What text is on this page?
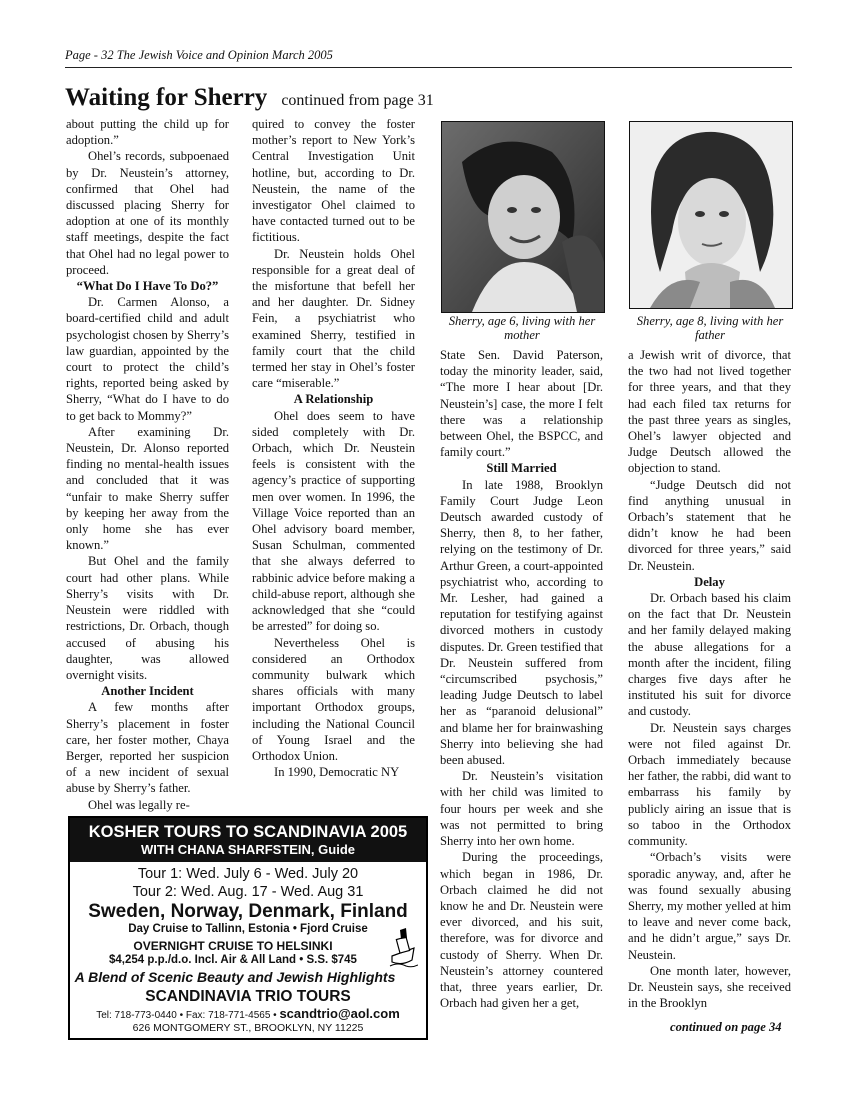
Page - 32 The Jewish Voice and Opinion March 2005
Waiting for Sherry continued from page 31

about putting the child up for adoption.”

Ohel’s records, subpoenaed by Dr. Neustein’s attorney, confirmed that Ohel had discussed placing Sherry for adoption at one of its monthly staff meetings, despite the fact that Ohel had no legal power to proceed.

“What Do I Have To Do?”

Dr. Carmen Alonso, a board-certified child and adult psychologist chosen by Sherry’s law guardian, appointed by the court to protect the child’s rights, reported being asked by Sherry, “What do I have to do to get back to Mommy?”

After examining Dr. Neustein, Dr. Alonso reported finding no mental-health issues and concluded that it was “unfair to make Sherry suffer by keeping her away from the only home she has ever known.”

But Ohel and the family court had other plans. While Sherry’s visits with Dr. Neustein were riddled with restrictions, Dr. Orbach, though accused of abusing his daughter, was allowed overnight visits.

Another Incident

A few months after Sherry’s placement in foster care, her foster mother, Chaya Berger, reported her suspicion of a new incident of sexual abuse by Sherry’s father.

Ohel was legally re-

quired to convey the foster mother’s report to New York’s Central Investigation Unit hotline, but, according to Dr. Neustein, the name of the investigator Ohel claimed to have contacted turned out to be fictitious.

Dr. Neustein holds Ohel responsible for a great deal of the misfortune that befell her and her daughter. Dr. Sidney Fein, a psychiatrist who examined Sherry, testified in family court that the child termed her stay in Ohel’s foster care “miserable.”

A Relationship

Ohel does seem to have sided completely with Dr. Orbach, which Dr. Neustein feels is consistent with the agency’s practice of supporting men over women. In 1996, the Village Voice reported than an Ohel advisory board member, Susan Schulman, commented that she always deferred to rabbinic advice before making a child-abuse report, although she acknowledged that she “could be arrested” for doing so.

Nevertheless Ohel is considered an Orthodox community bulwark which shares officials with many important Orthodox groups, including the National Council of Young Israel and the Orthodox Union.

In 1990, Democratic NY

Sherry, age 6, living with her mother
Sherry, age 8, living with her father

State Sen. David Paterson, today the minority leader, said, “The more I hear about [Dr. Neustein’s] case, the more I felt there was a relationship between Ohel, the BSPCC, and family court.”

Still Married

In late 1988, Brooklyn Family Court Judge Leon Deutsch awarded custody of Sherry, then 8, to her father, relying on the testimony of Dr. Arthur Green, a court-appointed psychiatrist who, according to Mr. Lesher, had gained a reputation for testifying against divorced mothers in custody disputes. Dr. Green testified that Dr. Neustein suffered from “circumscribed psychosis,” leading Judge Deutsch to label her as “paranoid delusional” and blame her for brainwashing Sherry into believing she had been abused.

Dr. Neustein’s visitation with her child was limited to four hours per week and she was not permitted to bring Sherry into her own home.

During the proceedings, which began in 1986, Dr. Orbach claimed he did not know he and Dr. Neustein were ever divorced, and his suit, therefore, was for divorce and custody of Sherry. When Dr. Neustein’s attorney countered that, three years earlier, Dr. Orbach had given her a get,

a Jewish writ of divorce, that the two had not lived together for three years, and that they had each filed tax returns for the past three years as singles, Ohel’s lawyer objected and Judge Deutsch allowed the objection to stand.

“Judge Deutsch did not find anything unusual in Orbach’s statement that he didn’t know he had been divorced for three years,” said Dr. Neustein.

Delay

Dr. Orbach based his claim on the fact that Dr. Neustein and her family delayed making the abuse allegations for a month after the incident, filing charges five days after he instituted his suit for divorce and custody.

Dr. Neustein says charges were not filed against Dr. Orbach immediately because her father, the rabbi, did want to embarrass his family by publicly airing an issue that is so taboo in the Orthodox community.

“Orbach’s visits were sporadic anyway, and, after he was found sexually abusing Sherry, my mother yelled at him to leave and never come back, and he didn’t argue,” says Dr. Neustein.

One month later, however, Dr. Neustein says, she received in the Brooklyn

continued on page 34
KOSHER TOURS TO SCANDINAVIA 2005
WITH CHANA SHARFSTEIN, Guide
Tour 1: Wed. July 6 - Wed. July 20
Tour 2: Wed. Aug. 17 - Wed. Aug 31
Sweden, Norway, Denmark, Finland
Day Cruise to Tallinn, Estonia • Fjord Cruise
OVERNIGHT CRUISE TO HELSINKI
$4,254 p.p./d.o. Incl. Air & All Land • S.S. $745
A Blend of Scenic Beauty and Jewish Highlights
SCANDINAVIA TRIO TOURS
Tel: 718-773-0440 • Fax: 718-771-4565 • scandtrio@aol.com
626 MONTGOMERY ST., BROOKLYN, NY 11225
